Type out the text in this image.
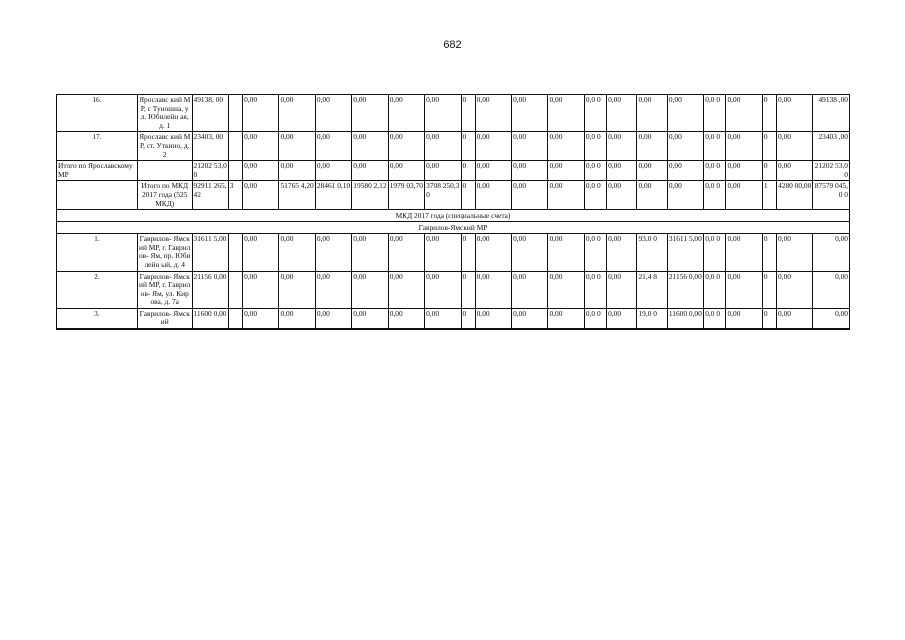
682
16.	Ярославс кий МР, с Туношна, ул. Юбилейн ая, д. 1	49138, 00		0,00	0,00	0,00	0,00	0,00	0,00	0	0,00	0,00	0,00	0,0 0	0,00	0,00	0,00	0,0 0	0,00	0	0,00	49138 ,00
17.	Ярославс кий МР, ст. Уткино, д. 2	23403, 00		0,00	0,00	0,00	0,00	0,00	0,00	0	0,00	0,00	0,00	0,0 0	0,00	0,00	0,00	0,0 0	0,00	0	0,00	23403 ,00
Итого по Ярославскому МР		21202 53,00		0,00	0,00	0,00	0,00	0,00	0,00	0	0,00	0,00	0,00	0,0 0	0,00	0,00	0,00	0,0 0	0,00	0	0,00	21202 53,00
	Итого по МКД 2017 года (525 МКД)	92911 265,42	3	0,00	51765 4,20	28461 0,10	19580 2,12	1979 03,70	3708 250,3 0	0	0,00	0,00	0,00	0,0 0	0,00	0,00	0,00	0,0 0	0,00	1	4280 00,00	87579 045,0 0
МКД 2017 года (специальные счета)																						
Гаврилов-Ямский МР																						
1.	Гаврилов- Ямский МР, г. Гаврилов- Ям, пр. Юбилейн ый, д. 4	31611 5,00		0,00	0,00	0,00	0,00	0,00	0,00	0	0,00	0,00	0,00	0,0 0	0,00	93,0 0	31611 5,00	0,0 0	0,00	0	0,00	0,00
2.	Гаврилов- Ямский МР, г. Гаврилов- Ям, ул. Кирова, д. 7а	21156 0,00		0,00	0,00	0,00	0,00	0,00	0,00	0	0,00	0,00	0,00	0,0 0	0,00	21,4 8	21156 0,00	0,0 0	0,00	0	0,00	0,00
3.	Гаврилов- Ямский	11600 0,00		0,00	0,00	0,00	0,00	0,00	0,00	0	0,00	0,00	0,00	0,0 0	0,00	19,0 0	11600 0,00	0,0 0	0,00	0	0,00	0,00
